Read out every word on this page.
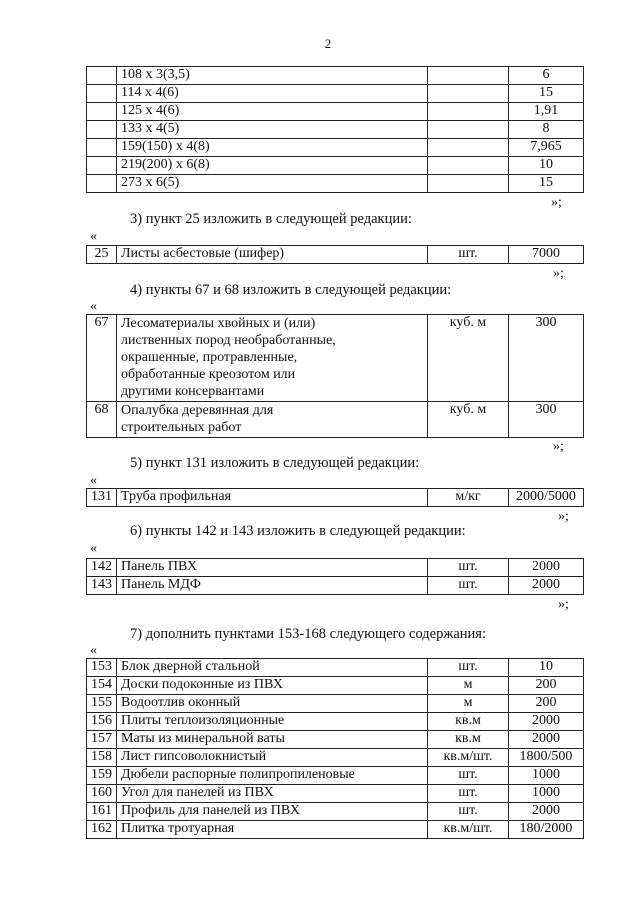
2
	108 х 3(3,5)		6
	114 х 4(6)		15
	125 х 4(6)		1,91
	133 х 4(5)		8
	159(150) х 4(8)		7,965
	219(200) х 6(8)		10
	273 х 6(5)		15
»;
3) пункт 25 изложить в следующей редакции:
«
25	Листы асбестовые (шифер)	шт.	7000
»;
4) пункты 67 и 68 изложить в следующей редакции:
«
67	Лесоматериалы хвойных и (или)
лиственных пород необработанные,
окрашенные, протравленные,
обработанные креозотом или
другими консервантами	куб. м	300
68	Опалубка деревянная для
строительных работ	куб. м	300
»;
5) пункт 131 изложить в следующей редакции:
«
131	Труба профильная	м/кг	2000/5000
»;
6) пункты 142 и 143 изложить в следующей редакции:
«
142	Панель ПВХ	шт.	2000
143	Панель МДФ	шт.	2000
»;
7) дополнить пунктами 153-168 следующего содержания:
«
153	Блок дверной стальной	шт.	10
154	Доски подоконные из ПВХ	м	200
155	Водоотлив оконный	м	200
156	Плиты теплоизоляционные	кв.м	2000
157	Маты из минеральной ваты	кв.м	2000
158	Лист гипсоволокнистый	кв.м/шт.	1800/500
159	Дюбели распорные полипропиленовые	шт.	1000
160	Угол для панелей из ПВХ	шт.	1000
161	Профиль для панелей из ПВХ	шт.	2000
162	Плитка тротуарная	кв.м/шт.	180/2000
